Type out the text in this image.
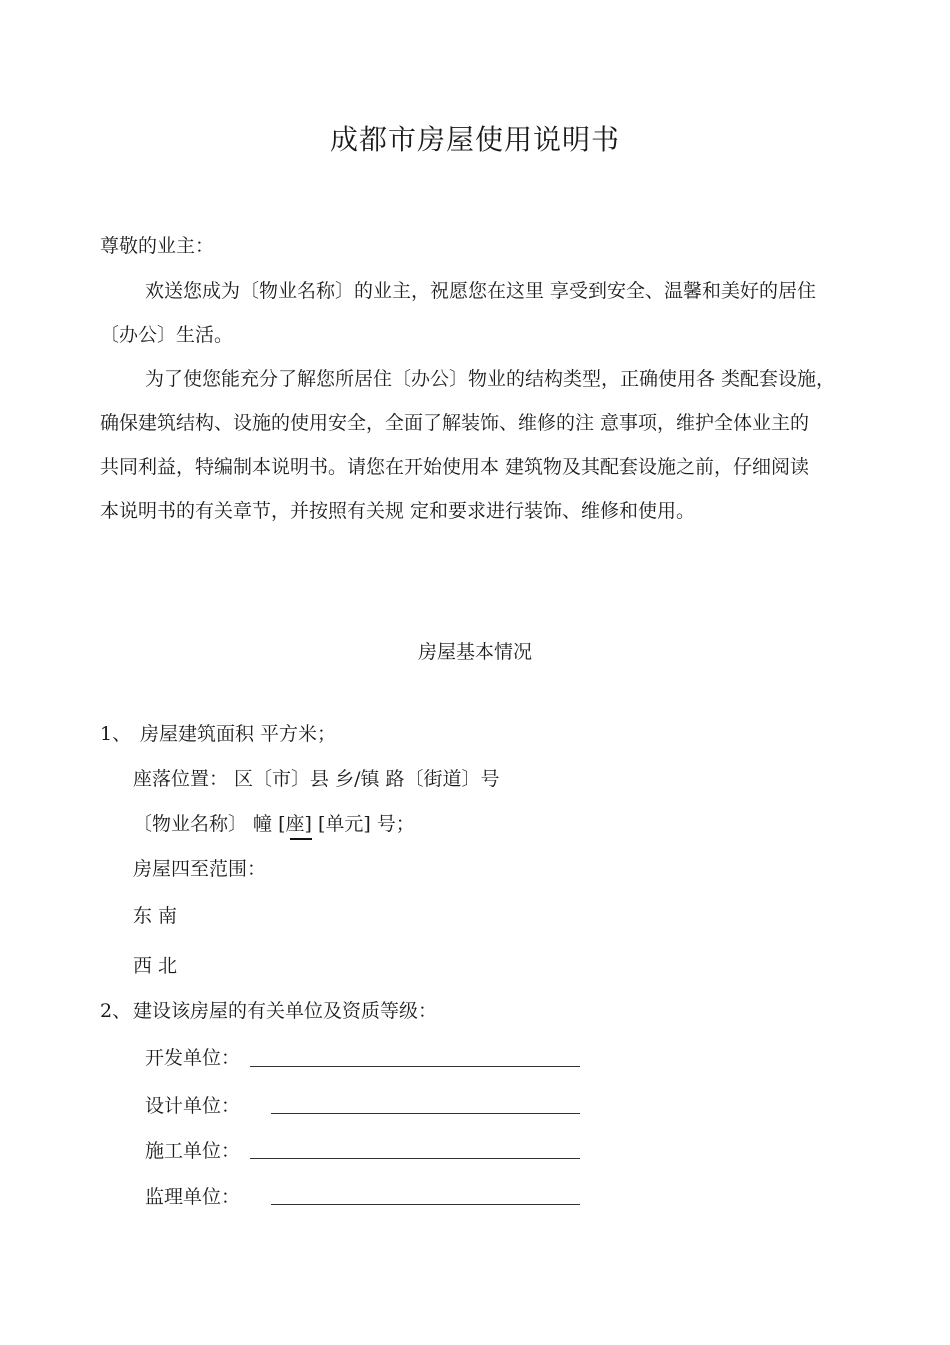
成都市房屋使用说明书
尊敬的业主：
欢送您成为〔物业名称〕的业主，祝愿您在这里 享受到安全、温馨和美好的居住
〔办公〕生活。
为了使您能充分了解您所居住〔办公〕物业的结构类型，正确使用各 类配套设施，
确保建筑结构、设施的使用安全，全面了解装饰、维修的注 意事项，维护全体业主的
共同利益，特编制本说明书。请您在开始使用本 建筑物及其配套设施之前，仔细阅读
本说明书的有关章节，并按照有关规 定和要求进行装饰、维修和使用。
房屋基本情况
1、 房屋建筑面积 平方米；
座落位置： 区〔市〕县 乡/镇 路〔街道〕号
〔物业名称〕 幢 [座] [单元] 号；
房屋四至范围：
东 南
西 北
2、 建设该房屋的有关单位及资质等级：
开发单位：
设计单位：
施工单位：
监理单位：
